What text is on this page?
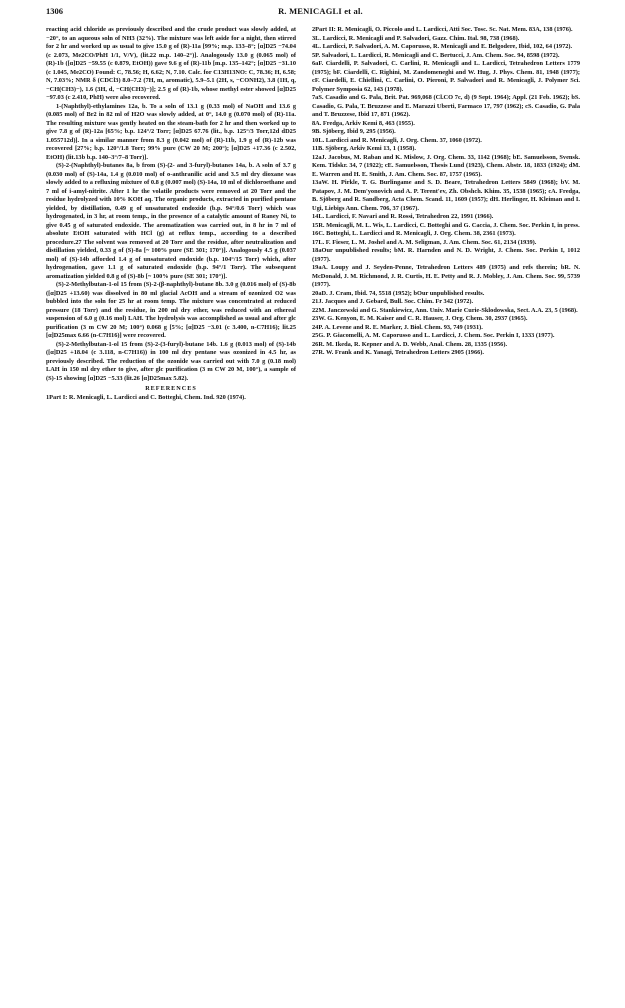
1306	R. MENICAGLI et al.

reacting acid chloride as previously described and the crude product was slowly added, at −20°, to an aqueous soln of NH3 (32%). The mixture was left aside for a night, then stirred for 2 hr and worked up as usual to give 15.0 g of (R)-11a [99%; m.p. 133–8°; [α]D25 −74.04 (c 2.073, Me2CO/PhH 1/1, V/V), (lit.22 m.p. 140–2°)]. Analogously 13.0 g (0.065 mol) of (R)-1b ([α]D25 −59.55 (c 0.879, EtOH)) gave 9.6 g of (R)-11b [m.p. 135–142°; [α]D25 −31.10 (c 1.045, Me2CO) Found: C, 78.56; H, 6.62; N, 7.10. Calc. for C13H13NO: C, 78.36; H, 6.58; N, 7.03%; NMR δ (CDCl3) 8.0–7.2 (7H, m, aromatic), 5.9–5.1 (2H, s, −CONH2), 3.8 (1H, q, −CH(CH3)−), 1.6 (3H, d, −CH(CH3)−)]; 2.5 g of (R)-1b, whose methyl ester showed [α]D25 −97.03 (c 2.410, PhH) were also recovered.

1-(Naphthyl)-ethylamines 12a, b. To a soln of 13.1 g (0.33 mol) of NaOH and 13.6 g (0.085 mol) of Br2 in 82 ml of H2O was slowly added, at 0°, 14.0 g (0.070 mol) of (R)-11a. The resulting mixture was gently heated on the steam-bath for 2 hr and then worked up to give 7.8 g of (R)-12a [65%; b.p. 124°/2 Torr; [α]D25 67.76 (lit., b.p. 125°/3 Torr,12d dD25 1.055712d)]. In a similar manner from 8.3 g (0.042 mol) of (R)-11b, 1.9 g of (R)-12b was recovered [27%; b.p. 120°/1.8 Torr; 99% pure (CW 20 M; 200°); [α]D25 +17.36 (c 2.502, EtOH) (lit.13b b.p. 140–3°/7–8 Torr)].

(S)-2-(Naphthyl)-butanes 8a, b from (S)-(2- and 3-furyl)-butanes 14a, b. A soln of 3.7 g (0.030 mol) of (S)-14a, 1.4 g (0.010 mol) of o-anthranilic acid and 3.5 ml dry dioxane was slowly added to a refluxing mixture of 0.8 g (0.007 mol) (S)-14a, 10 ml of dichloroethane and 7 ml of i-amyl-nitrite. After 1 hr the volatile products were removed at 20 Torr and the residue hydrolyzed with 10% KOH aq. The organic products, extracted in purified pentane yielded, by distillation, 0.49 g of unsaturated endoxide (b.p. 94°/0.6 Torr) which was hydrogenated, in 3 hr, at room temp., in the presence of a catalytic amount of Raney Ni, to give 0.45 g of saturated endoxide. The aromatization was carried out, in 8 hr in 7 ml of absolute EtOH saturated with HCl (g) at reflux temp., according to a described procedure.27 The solvent was removed at 20 Torr and the residue, after neutralization and distillation yielded, 0.33 g of (S)-8a [~ 100% pure (SE 301; 170°)]. Analogously 4.5 g (0.037 mol) of (S)-14b afforded 1.4 g of unsaturated endoxide (b.p. 104°/15 Torr) which, after hydrogenation, gave 1.1 g of saturated endoxide (b.p. 94°/1 Torr). The subsequent aromatization yielded 0.8 g of (S)-8b [~ 100% pure (SE 301; 170°)].

(S)-2-Methylbutan-1-ol 15 from (S)-2-(β-naphthyl)-butane 8b. 3.0 g (0.016 mol) of (S)-8b ([α]D25 +13.60) was dissolved in 80 ml glacial AcOH and a stream of ozonized O2 was bubbled into the soln for 25 hr at room temp. The mixture was concentrated at reduced pressure (18 Torr) and the residue, in 200 ml dry ether, was reduced with an ethereal suspension of 6.0 g (0.16 mol) LAH. The hydrolysis was accomplished as usual and after glc purification (3 m CW 20 M; 100°) 0.068 g [5%; [α]D25 −3.01 (c 3.400, n-C7H16); lit.25 [α]D25max 6.66 (n-C7H16)] were recovered.

(S)-2-Methylbutan-1-ol 15 from (S)-2-(3-furyl)-butane 14b. 1.6 g (0.013 mol) of (S)-14b ([α]D25 +18.04 (c 3.118, n-C7H16)) in 100 ml dry pentane was ozonized in 4.5 hr, as previously described. The reduction of the ozonide was carried out with 7.0 g (0.18 mol) LAH in 150 ml dry ether to give, after glc purification (3 m CW 20 M, 100°), a sample of (S)-15 showing [α]D25 −5.33 (lit.26 [α]D25max 5.82).

REFERENCES

1Part I: R. Menicagli, L. Lardicci and C. Botteghi, Chem. Ind. 920 (1974).

2Part II: R. Menicagli, O. Piccolo and L. Lardicci, Atti Soc. Tosc. Sc. Nat. Mem. 83A, 138 (1976).

3L. Lardicci, R. Menicagli and P. Salvadori, Gazz. Chim. Ital. 98, 738 (1968).

4L. Lardicci, P. Salvadori, A. M. Caporusso, R. Menicagli and E. Belgodere, Ibid, 102, 64 (1972).

5P. Salvadori, L. Lardicci, R. Menicagli and C. Bertucci, J. Am. Chem. Soc. 94, 8598 (1972).

6aF. Ciardelli, P. Salvadori, C. Carlini, R. Menicagli and L. Lardicci, Tetrahedron Letters 1779 (1975); bF. Ciardelli, C. Righini, M. Zandomeneghi and W. Hug, J. Phys. Chem. 81, 1948 (1977); cF. Ciardelli, E. Chiellini, C. Carlini, O. Pieroni, P. Salvadori and R. Menicagli, J. Polymer Sci. Polymer Symposia 62, 143 (1978).

7aS. Casadio and G. Pala, Brit. Pat. 969,068 (Cl.CO 7c, d) (9 Sept. 1964); Appl. (21 Feb. 1962); bS. Casadio, G. Pala, T. Bruzzese and E. Marazzi Uberti, Farmaco 17, 797 (1962); cS. Casadio, G. Pala and T. Bruzzese, Ibid 17, 871 (1962).

8A. Fredga, Arkiv Kemi 8, 463 (1955).

9B. Sjöberg, Ibid 9, 295 (1956).

10L. Lardicci and R. Menicagli, J. Org. Chem. 37, 1060 (1972).

11B. Sjöberg, Arkiv Kemi 13, 1 (1958).

12aJ. Jacobus, M. Raban and K. Mislow, J. Org. Chem. 33, 1142 (1968); bE. Samuelsson, Svensk. Kem. Tidskr. 34, 7 (1922); cE. Samuelsson, Thesis Lund (1923), Chem. Abstr. 18, 1833 (1924); dM. E. Warren and H. E. Smith, J. Am. Chem. Soc. 87, 1757 (1965).

13aW. H. Pirkle, T. G. Burlingame and S. D. Beare, Tetrahedron Letters 5849 (1968); bV. M. Patapov, J. M. Dem'yonovich and A. P. Terent'ev, Zh. Obshch. Khim. 35, 1538 (1965); cA. Fredga, B. Sjöberg and R. Sandberg, Acta Chem. Scand. 11, 1609 (1957); dH. Herlinger, H. Kleiman and I. Ugi, Liebigs Ann. Chem. 706, 37 (1967).

14L. Lardicci, F. Navari and R. Rossi, Tetrahedron 22, 1991 (1966).

15R. Menicagli, M. L. Wis, L. Lardicci, C. Botteghi and G. Caccia, J. Chem. Soc. Perkin I, in press.

16C. Botteghi, L. Lardicci and R. Menicagli, J. Org. Chem. 38, 2361 (1973).

17L. F. Fieser, L. M. Joshel and A. M. Seligman, J. Am. Chem. Soc. 61, 2134 (1939).

18aOur unpublished results; bM. R. Harnden and N. D. Wright, J. Chem. Soc. Perkin I, 1012 (1977).

19aA. Loupy and J. Seyden-Penne, Tetrahedron Letters 489 (1975) and refs therein; bR. N. McDonald, J. M. Richmond, J. R. Curtis, H. E. Petty and R. J. Mobley, J. Am. Chem. Soc. 99, 5739 (1977).

20aD. J. Cram, Ibid. 74, 5518 (1952); bOur unpublished results.

21J. Jacques and J. Gebard, Bull. Soc. Chim. Fr 342 (1972).

22M. Janczewski and G. Stankiewicz, Ann. Univ. Marie Curie-Sklodowska, Sect. A.A. 23, 5 (1968).

23W. G. Kenyon, E. M. Kaiser and C. R. Hauser, J. Org. Chem. 30, 2937 (1965).

24P. A. Levene and R. E. Marker, J. Biol. Chem. 93, 749 (1931).

25G. P. Giacomelli, A. M. Caporusso and L. Lardicci, J. Chem. Soc. Perkin I, 1333 (1977).

26R. M. Ikeda, R. Kepner and A. D. Webb, Anal. Chem. 28, 1335 (1956).

27R. W. Frank and K. Yanagi, Tetrahedron Letters 2905 (1966).
